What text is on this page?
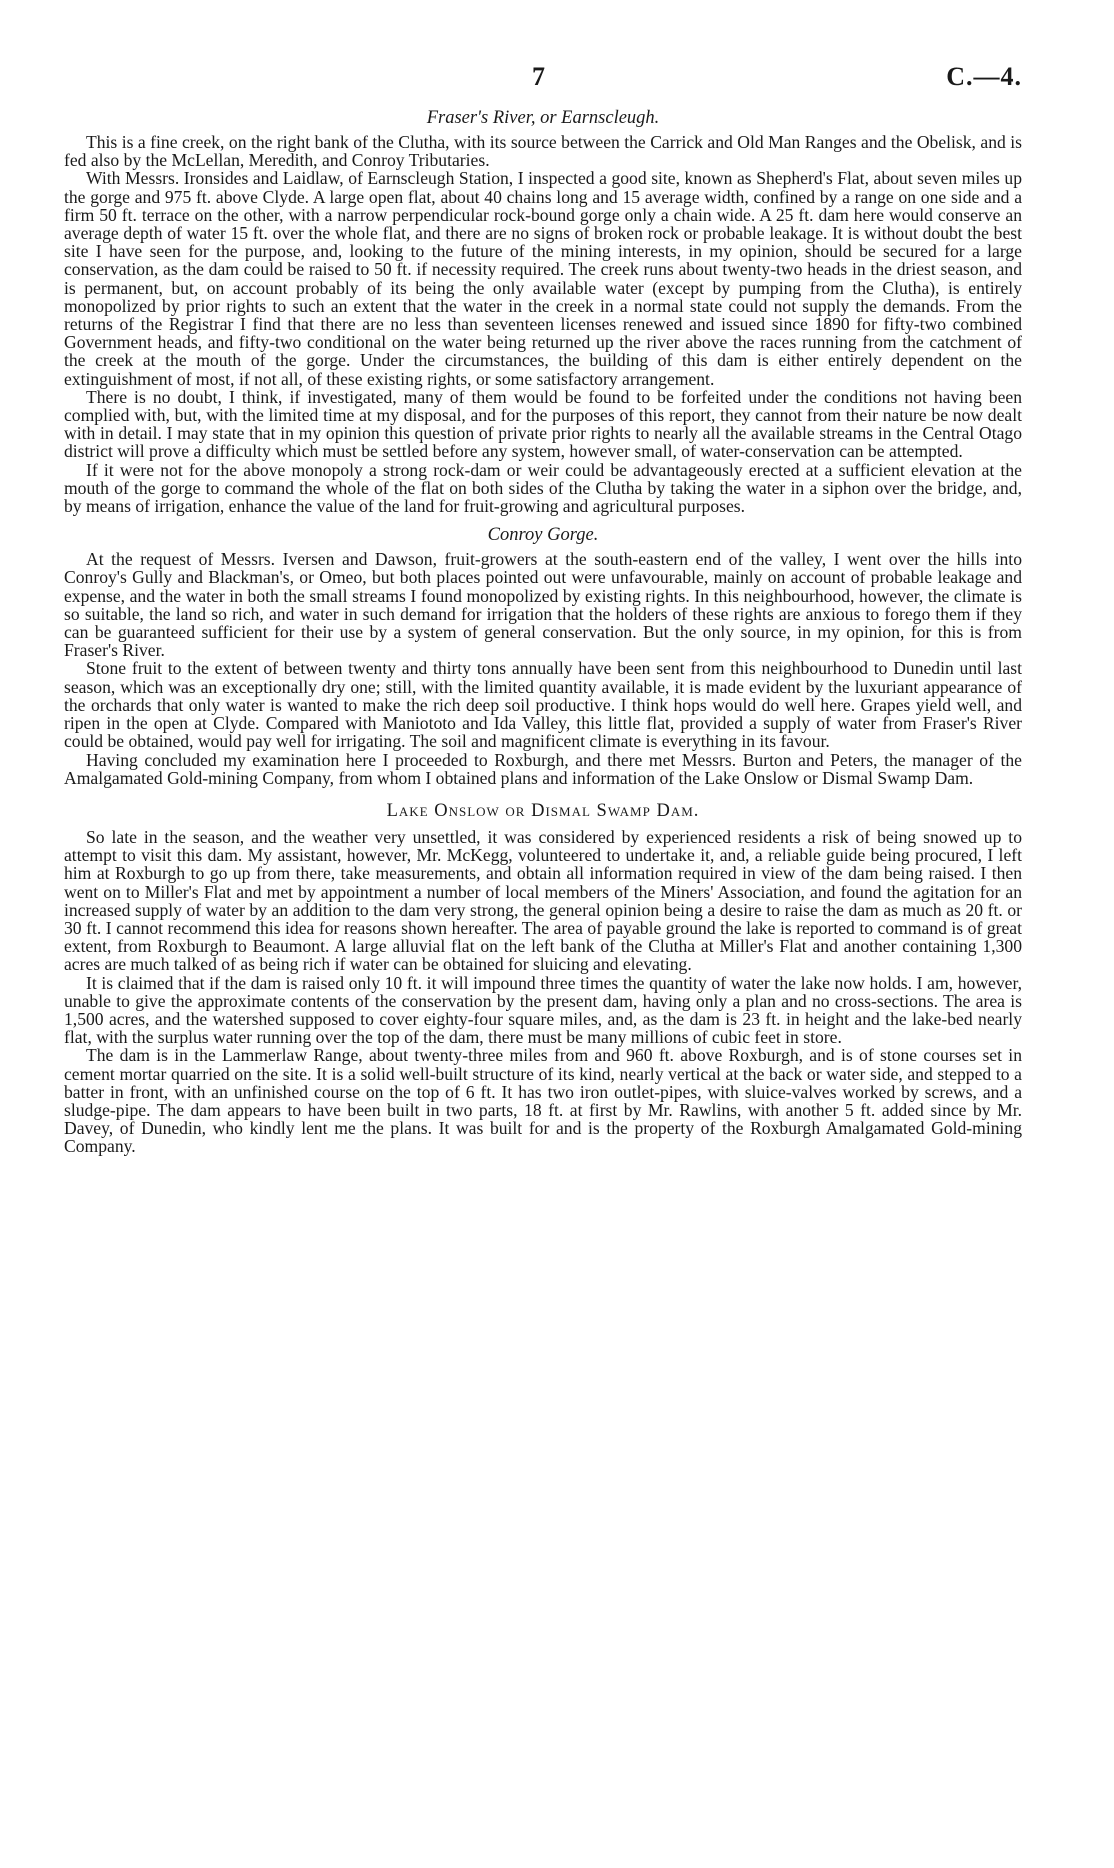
7	C.—4.
Fraser's River, or Earnscleugh.

This is a fine creek, on the right bank of the Clutha, with its source between the Carrick and Old Man Ranges and the Obelisk, and is fed also by the McLellan, Meredith, and Conroy Tributaries.

With Messrs. Ironsides and Laidlaw, of Earnscleugh Station, I inspected a good site, known as Shepherd's Flat, about seven miles up the gorge and 975 ft. above Clyde. A large open flat, about 40 chains long and 15 average width, confined by a range on one side and a firm 50 ft. terrace on the other, with a narrow perpendicular rock-bound gorge only a chain wide. A 25 ft. dam here would conserve an average depth of water 15 ft. over the whole flat, and there are no signs of broken rock or probable leakage. It is without doubt the best site I have seen for the purpose, and, looking to the future of the mining interests, in my opinion, should be secured for a large conservation, as the dam could be raised to 50 ft. if necessity required. The creek runs about twenty-two heads in the driest season, and is permanent, but, on account probably of its being the only available water (except by pumping from the Clutha), is entirely monopolized by prior rights to such an extent that the water in the creek in a normal state could not supply the demands. From the returns of the Registrar I find that there are no less than seventeen licenses renewed and issued since 1890 for fifty-two combined Government heads, and fifty-two conditional on the water being returned up the river above the races running from the catchment of the creek at the mouth of the gorge. Under the circumstances, the building of this dam is either entirely dependent on the extinguishment of most, if not all, of these existing rights, or some satisfactory arrangement.

There is no doubt, I think, if investigated, many of them would be found to be forfeited under the conditions not having been complied with, but, with the limited time at my disposal, and for the purposes of this report, they cannot from their nature be now dealt with in detail. I may state that in my opinion this question of private prior rights to nearly all the available streams in the Central Otago district will prove a difficulty which must be settled before any system, however small, of water-conservation can be attempted.

If it were not for the above monopoly a strong rock-dam or weir could be advantageously erected at a sufficient elevation at the mouth of the gorge to command the whole of the flat on both sides of the Clutha by taking the water in a siphon over the bridge, and, by means of irrigation, enhance the value of the land for fruit-growing and agricultural purposes.

Conroy Gorge.

At the request of Messrs. Iversen and Dawson, fruit-growers at the south-eastern end of the valley, I went over the hills into Conroy's Gully and Blackman's, or Omeo, but both places pointed out were unfavourable, mainly on account of probable leakage and expense, and the water in both the small streams I found monopolized by existing rights. In this neighbourhood, however, the climate is so suitable, the land so rich, and water in such demand for irrigation that the holders of these rights are anxious to forego them if they can be guaranteed sufficient for their use by a system of general conservation. But the only source, in my opinion, for this is from Fraser's River.

Stone fruit to the extent of between twenty and thirty tons annually have been sent from this neighbourhood to Dunedin until last season, which was an exceptionally dry one; still, with the limited quantity available, it is made evident by the luxuriant appearance of the orchards that only water is wanted to make the rich deep soil productive. I think hops would do well here. Grapes yield well, and ripen in the open at Clyde. Compared with Maniototo and Ida Valley, this little flat, provided a supply of water from Fraser's River could be obtained, would pay well for irrigating. The soil and magnificent climate is everything in its favour.

Having concluded my examination here I proceeded to Roxburgh, and there met Messrs. Burton and Peters, the manager of the Amalgamated Gold-mining Company, from whom I obtained plans and information of the Lake Onslow or Dismal Swamp Dam.

Lake Onslow or Dismal Swamp Dam.

So late in the season, and the weather very unsettled, it was considered by experienced residents a risk of being snowed up to attempt to visit this dam. My assistant, however, Mr. McKegg, volunteered to undertake it, and, a reliable guide being procured, I left him at Roxburgh to go up from there, take measurements, and obtain all information required in view of the dam being raised. I then went on to Miller's Flat and met by appointment a number of local members of the Miners' Association, and found the agitation for an increased supply of water by an addition to the dam very strong, the general opinion being a desire to raise the dam as much as 20 ft. or 30 ft. I cannot recommend this idea for reasons shown hereafter. The area of payable ground the lake is reported to command is of great extent, from Roxburgh to Beaumont. A large alluvial flat on the left bank of the Clutha at Miller's Flat and another containing 1,300 acres are much talked of as being rich if water can be obtained for sluicing and elevating.

It is claimed that if the dam is raised only 10 ft. it will impound three times the quantity of water the lake now holds. I am, however, unable to give the approximate contents of the conservation by the present dam, having only a plan and no cross-sections. The area is 1,500 acres, and the watershed supposed to cover eighty-four square miles, and, as the dam is 23 ft. in height and the lake-bed nearly flat, with the surplus water running over the top of the dam, there must be many millions of cubic feet in store.

The dam is in the Lammerlaw Range, about twenty-three miles from and 960 ft. above Roxburgh, and is of stone courses set in cement mortar quarried on the site. It is a solid well-built structure of its kind, nearly vertical at the back or water side, and stepped to a batter in front, with an unfinished course on the top of 6 ft. It has two iron outlet-pipes, with sluice-valves worked by screws, and a sludge-pipe. The dam appears to have been built in two parts, 18 ft. at first by Mr. Rawlins, with another 5 ft. added since by Mr. Davey, of Dunedin, who kindly lent me the plans. It was built for and is the property of the Roxburgh Amalgamated Gold-mining Company.
